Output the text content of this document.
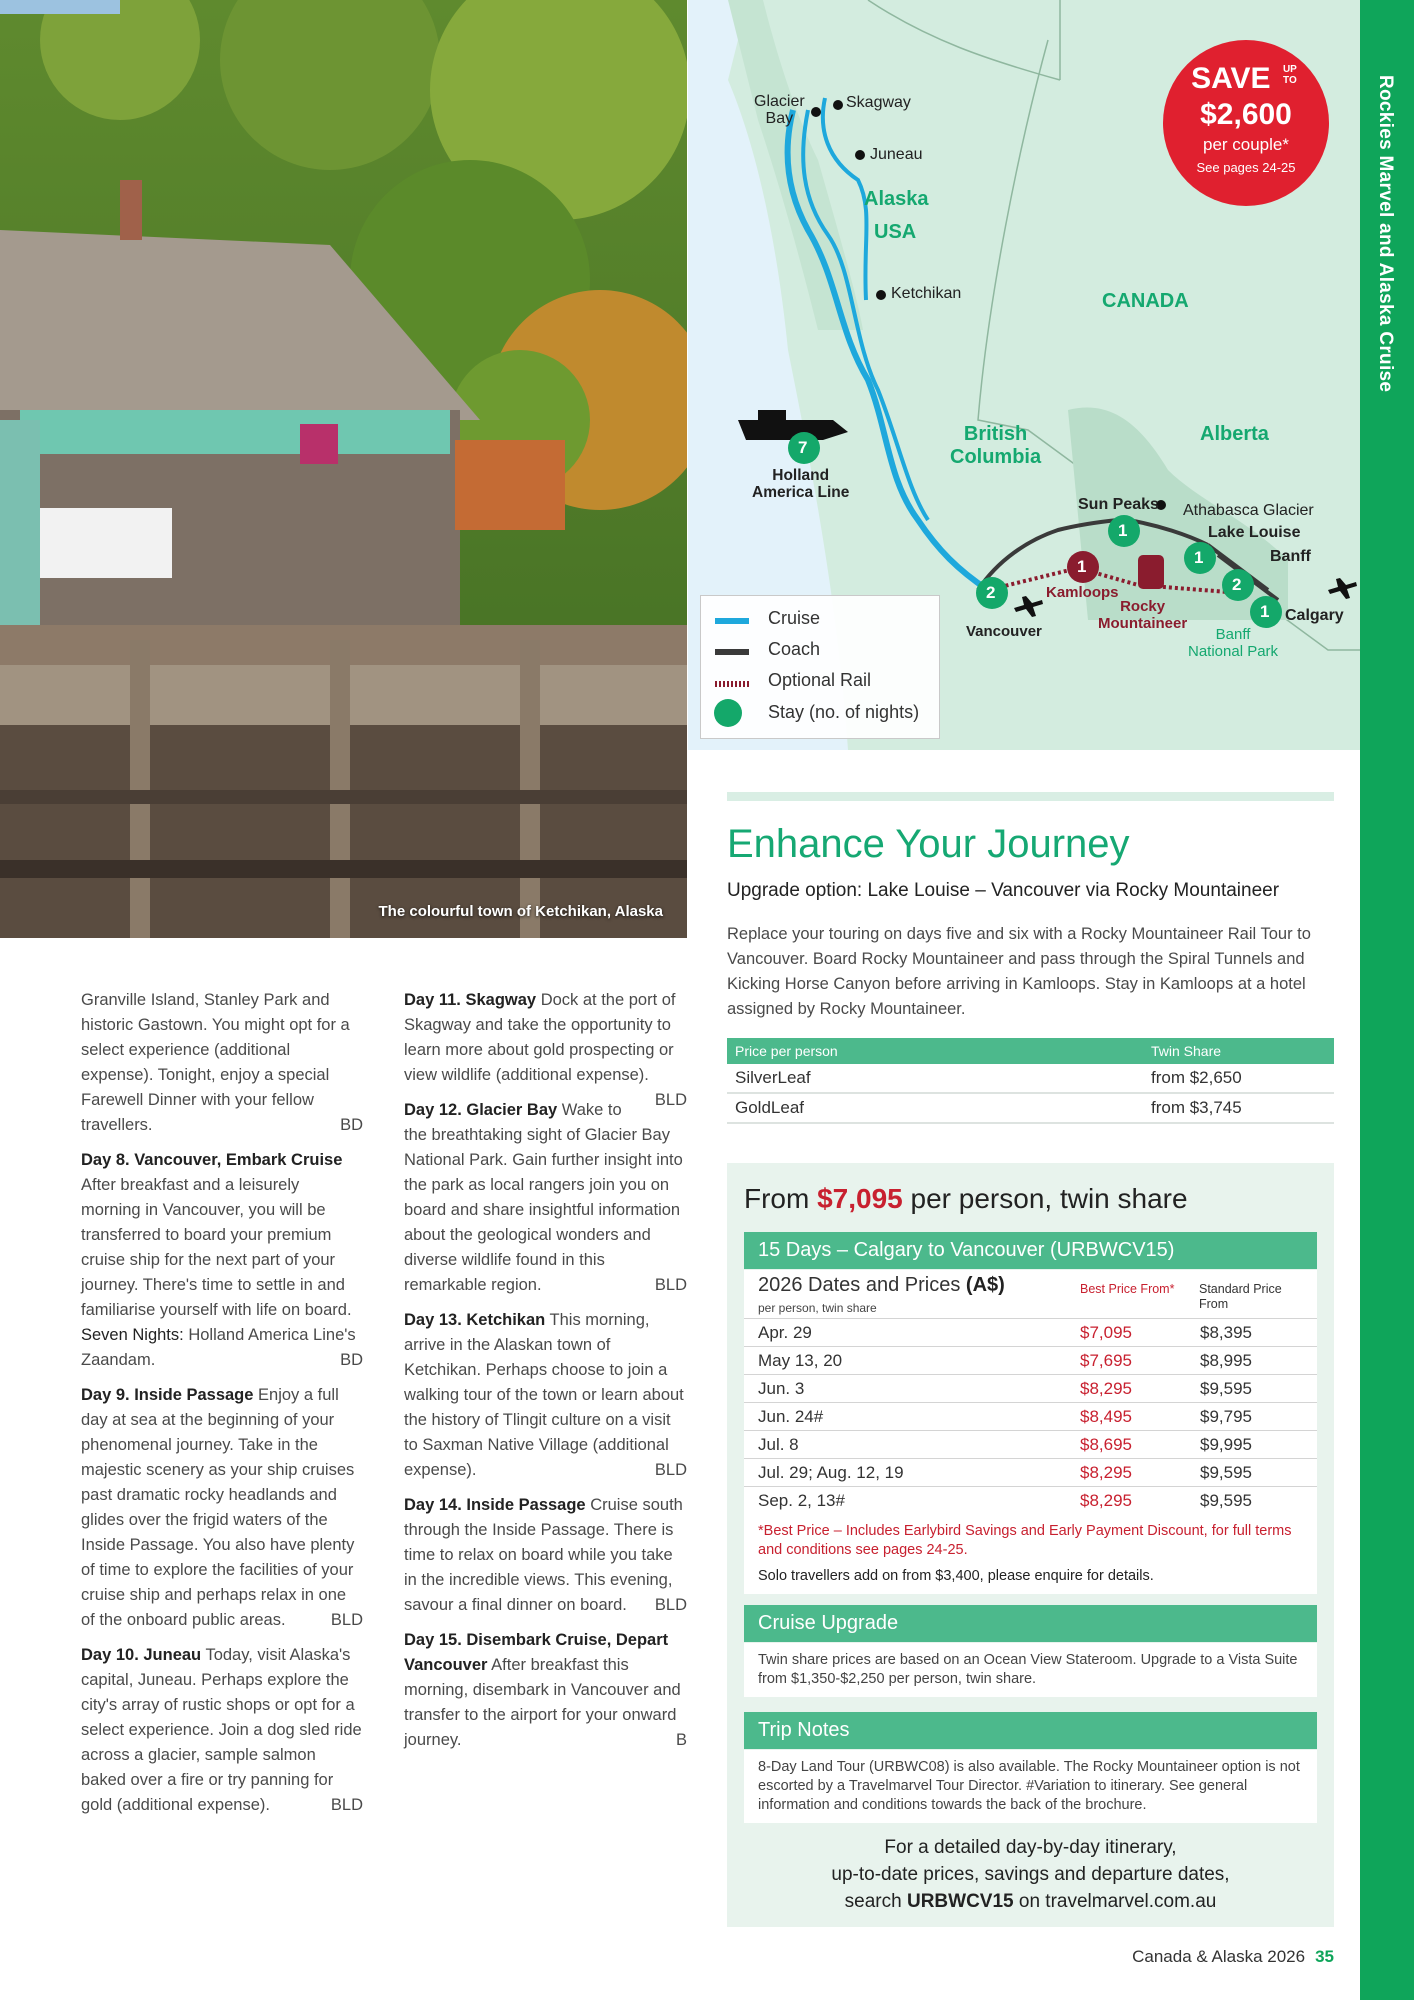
The colourful town of Ketchikan, Alaska
Glacier
Bay
Skagway
Juneau
Ketchikan
Vancouver
Sun Peaks Athabasca Glacier
Lake Louise
Banff
Calgary
Kamloops
Rocky
Mountaineer
Banff
National Park
Alaska
USA
CANADA
British
Columbia
Alberta
Holland
America Line
7
2
1
1
1
2
1
Cruise
Coach
Optional Rail
Stay (no. of nights)
SAVE UP TO
$2,600
per couple*
See pages 24-25	Rockies Marvel and Alaska Cruise

Granville Island, Stanley Park and historic Gastown. You might opt for a select experience (additional expense). Tonight, enjoy a special Farewell Dinner with your fellow travellers.	BD

Day 8. Vancouver, Embark Cruise
After breakfast and a leisurely morning in Vancouver, you will be transferred to board your premium cruise ship for the next part of your journey. There's time to settle in and familiarise yourself with life on board.

Seven Nights: Holland America Line's Zaandam.	BD

Day 9. Inside Passage Enjoy a full day at sea at the beginning of your phenomenal journey. Take in the majestic scenery as your ship cruises past dramatic rocky headlands and glides over the frigid waters of the Inside Passage. You also have plenty of time to explore the facilities of your cruise ship and perhaps relax in one of the onboard public areas.	BLD

Day 10. Juneau Today, visit Alaska's capital, Juneau. Perhaps explore the city's array of rustic shops or opt for a select experience. Join a dog sled ride across a glacier, sample salmon baked over a fire or try panning for gold (additional expense).	BLD

Day 11. Skagway Dock at the port of Skagway and take the opportunity to learn more about gold prospecting or view wildlife (additional expense).
BLD

Day 12. Glacier Bay Wake to the breathtaking sight of Glacier Bay National Park. Gain further insight into the park as local rangers join you on board and share insightful information about the geological wonders and diverse wildlife found in this remarkable region.	BLD

Day 13. Ketchikan This morning, arrive in the Alaskan town of Ketchikan. Perhaps choose to join a walking tour of the town or learn about the history of Tlingit culture on a visit to Saxman Native Village (additional expense).	BLD

Day 14. Inside Passage Cruise south through the Inside Passage. There is time to relax on board while you take in the incredible views. This evening, savour a final dinner on board. BLD

Day 15. Disembark Cruise, Depart Vancouver After breakfast this morning, disembark in Vancouver and transfer to the airport for your onward journey.	B

Enhance Your Journey
Upgrade option: Lake Louise – Vancouver via Rocky Mountaineer
Replace your touring on days five and six with a Rocky Mountaineer Rail Tour to Vancouver. Board Rocky Mountaineer and pass through the Spiral Tunnels and Kicking Horse Canyon before arriving in Kamloops. Stay in Kamloops at a hotel assigned by Rocky Mountaineer.
Price per person	Twin Share
SilverLeaf	from $2,650
GoldLeaf	from $3,745
From $7,095 per person, twin share
15 Days – Calgary to Vancouver (URBWCV15)
2026 Dates and Prices (A$)
per person, twin share
Best Price From*	Standard Price From
Apr. 29	$7,095	$8,395
May 13, 20	$7,695	$8,995
Jun. 3	$8,295	$9,595
Jun. 24#	$8,495	$9,795
Jul. 8	$8,695	$9,995
Jul. 29; Aug. 12, 19	$8,295	$9,595
Sep. 2, 13#	$8,295	$9,595
*Best Price – Includes Earlybird Savings and Early Payment Discount, for full terms and conditions see pages 24-25.
Solo travellers add on from $3,400, please enquire for details.
Cruise Upgrade
Twin share prices are based on an Ocean View Stateroom. Upgrade to a Vista Suite from $1,350-$2,250 per person, twin share.
Trip Notes
8-Day Land Tour (URBWC08) is also available. The Rocky Mountaineer option is not escorted by a Travelmarvel Tour Director. #Variation to itinerary. See general information and conditions towards the back of the brochure.
For a detailed day-by-day itinerary,
up-to-date prices, savings and departure dates,
search URBWCV15 on travelmarvel.com.au
Canada & Alaska 2026 35
